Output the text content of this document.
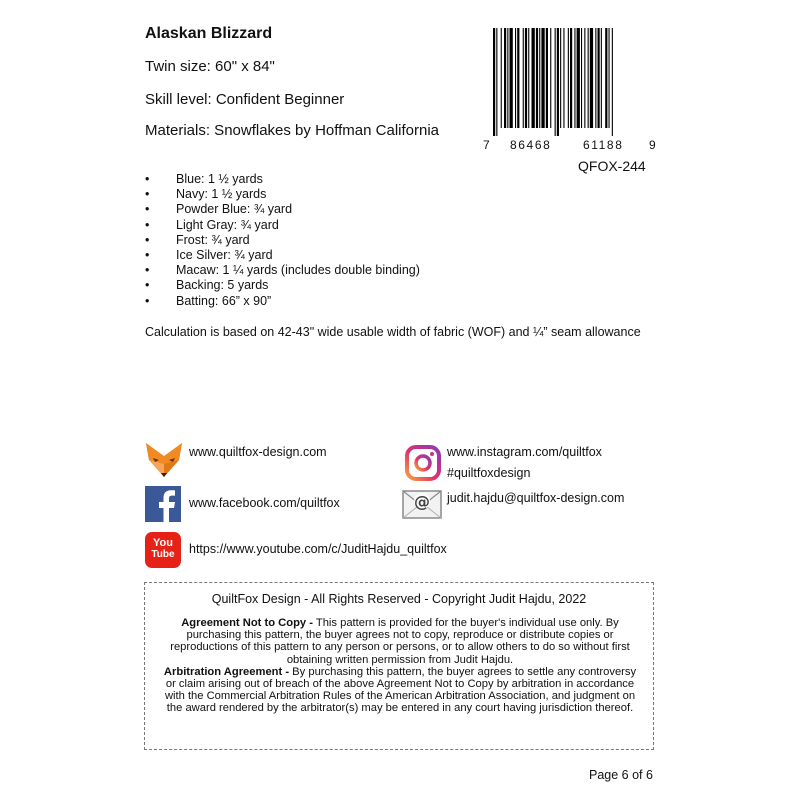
Alaskan Blizzard
Twin size: 60" x 84"
Skill level: Confident Beginner
Materials: Snowflakes by Hoffman California
7 86468	61188 9
QFOX-244
• Blue: 1 ½ yards
• Navy: 1 ½ yards
• Powder Blue: ¾ yard
• Light Gray: ¾ yard
• Frost: ¾ yard
• Ice Silver: ¾ yard
• Macaw: 1 ¼ yards (includes double binding)
• Backing: 5 yards
• Batting: 66” x 90”
Calculation is based on 42-43" wide usable width of fabric (WOF) and ¼” seam allowance
www.quiltfox-design.com	www.instagram.com/quiltfox
#quiltfoxdesign
www.facebook.com/quiltfox	@ judit.hajdu@quiltfox-design.com
You
Tube	https://www.youtube.com/c/JuditHajdu_quiltfox
QuiltFox Design - All Rights Reserved - Copyright Judit Hajdu, 2022
Agreement Not to Copy - This pattern is provided for the buyer's individual use only. By purchasing this pattern, the buyer agrees not to copy, reproduce or distribute copies or reproductions of this pattern to any person or persons, or to allow others to do so without first obtaining written permission from Judit Hajdu.
Arbitration Agreement - By purchasing this pattern, the buyer agrees to settle any controversy or claim arising out of breach of the above Agreement Not to Copy by arbitration in accordance with the Commercial Arbitration Rules of the American Arbitration Association, and judgment on the award rendered by the arbitrator(s) may be entered in any court having jurisdiction thereof.
Page 6 of 6
